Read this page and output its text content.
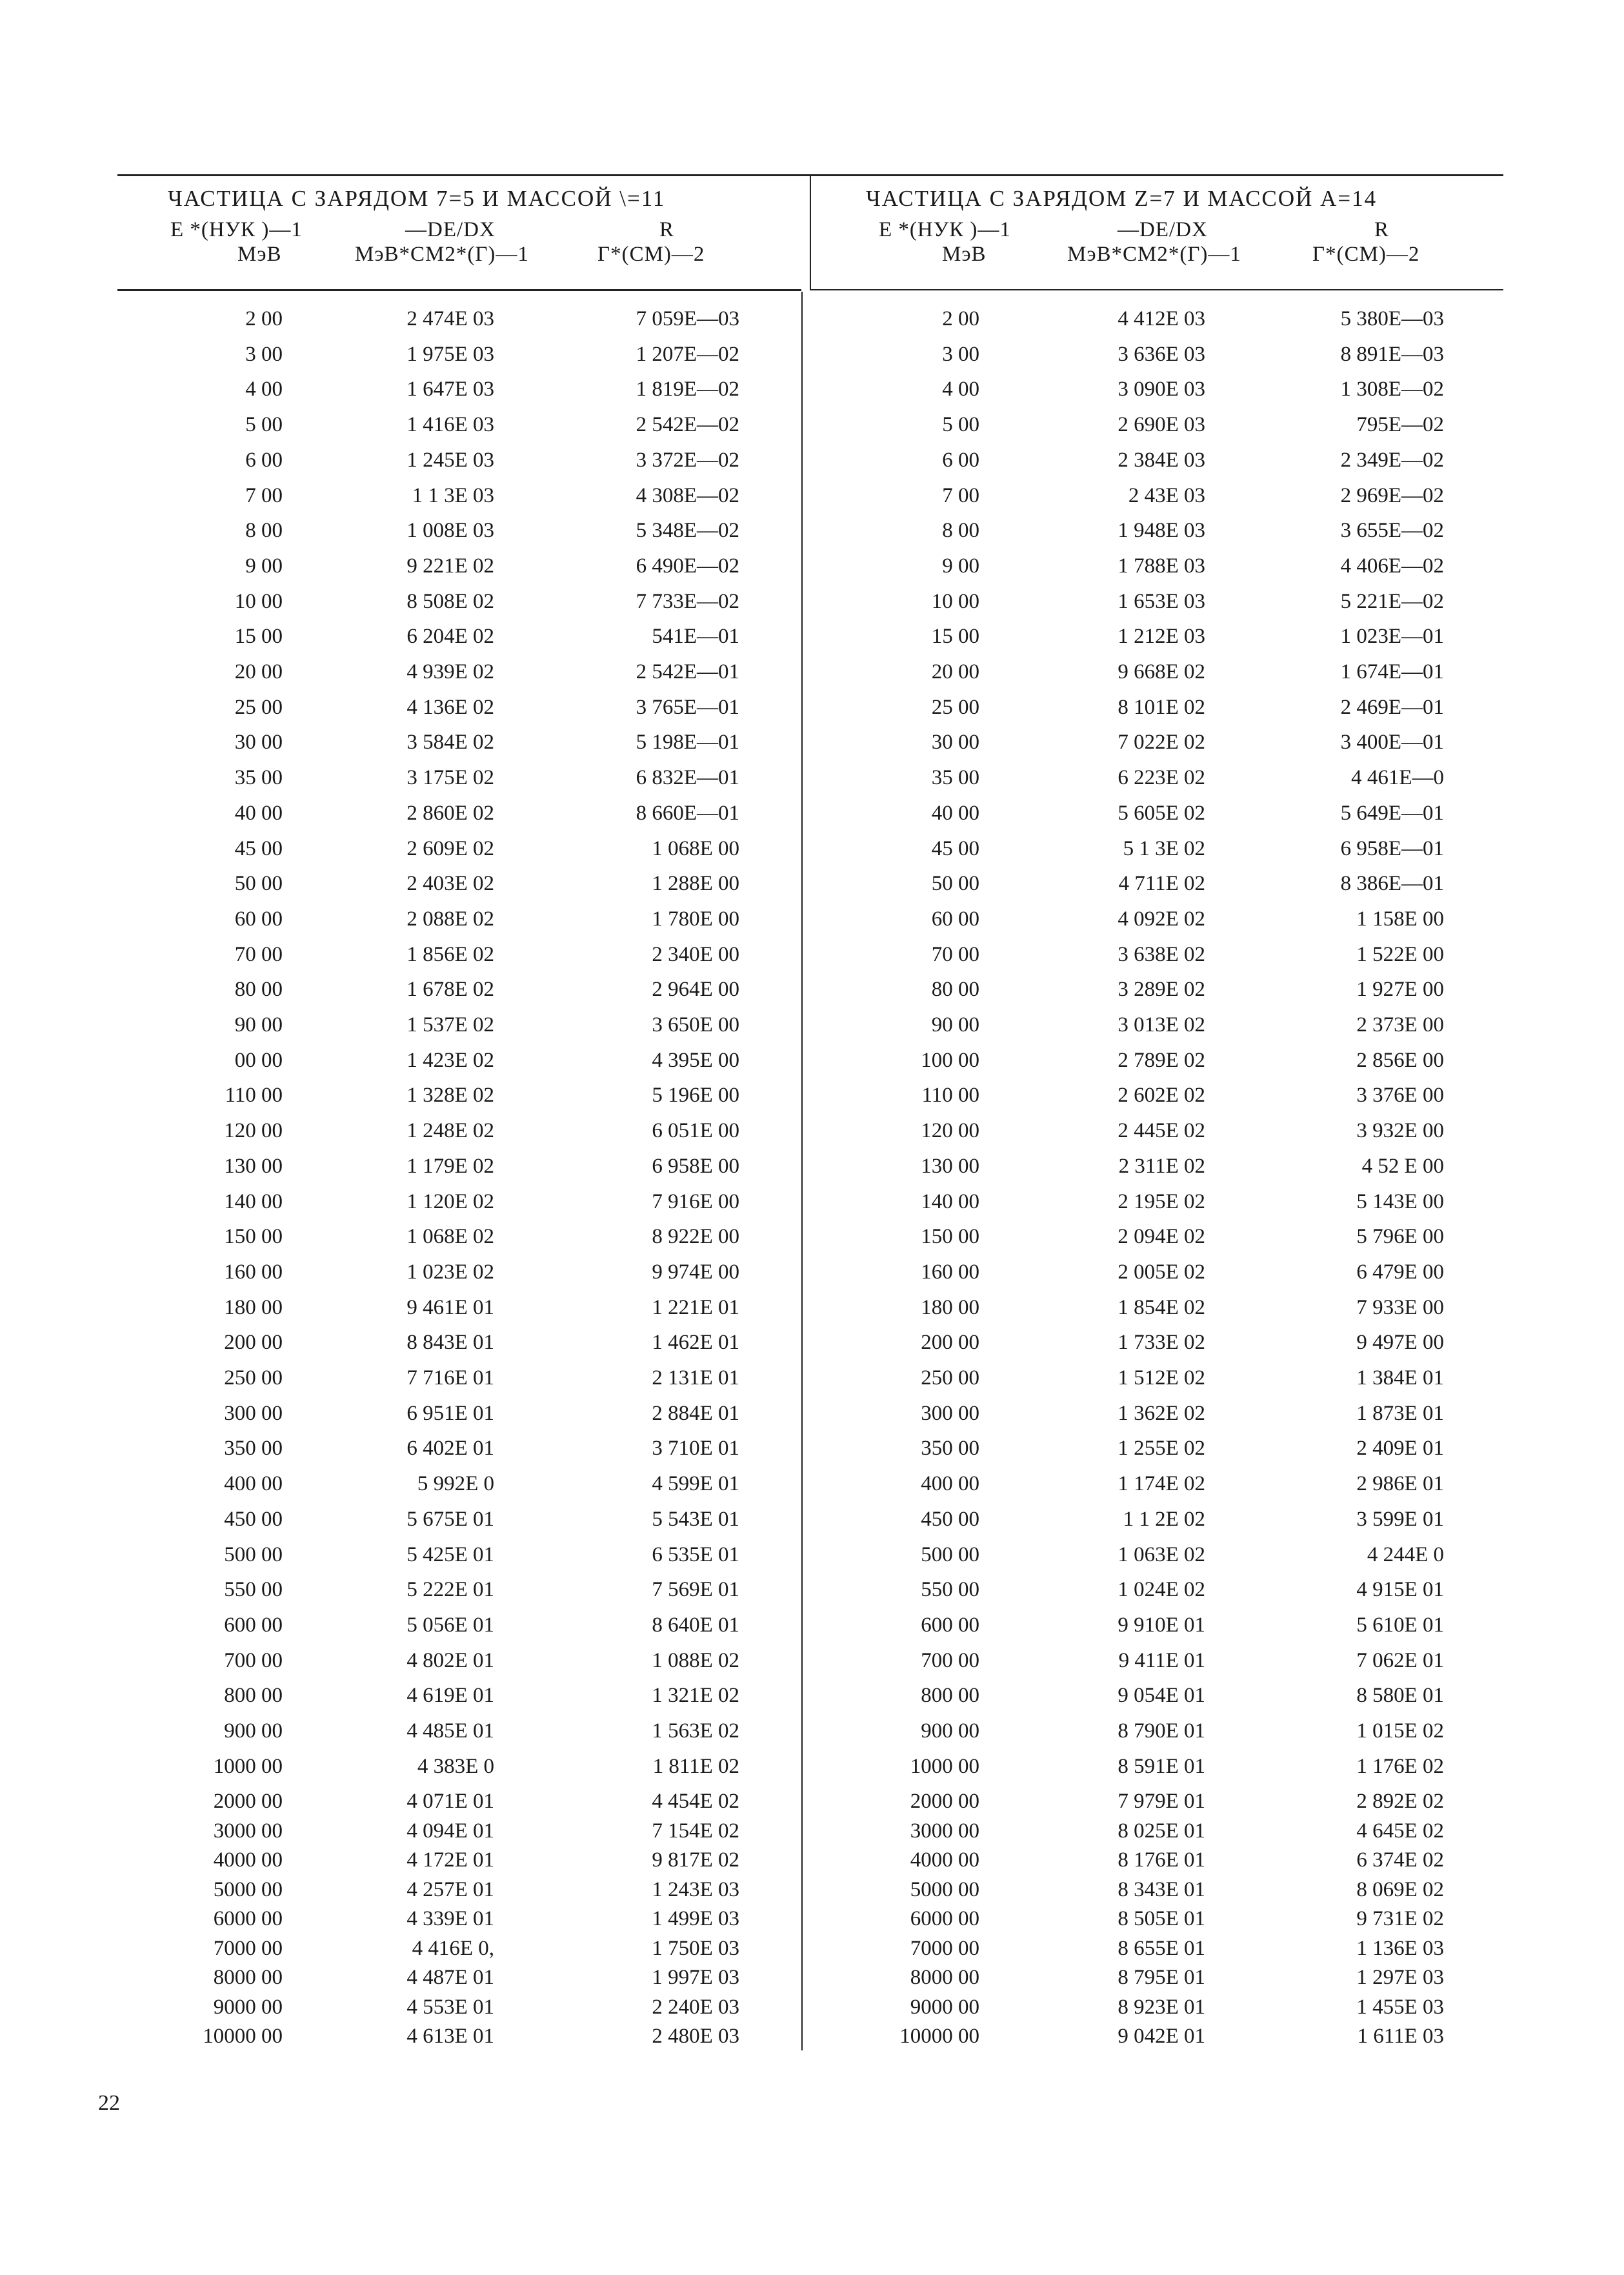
ЧАСТИЦА С ЗАРЯДОМ 7=5 И МАССОЙ \=11
Е *(НУК )—1	—DE/DX	R
МэВ	МэВ*СМ2*(Г)—1	Г*(СМ)—2
2 00	2 474E 03	7 059E—03
3 00	1 975E 03	1 207E—02
4 00	1 647E 03	1 819E—02
5 00	1 416E 03	2 542E—02
6 00	1 245E 03	3 372E—02
7 00	1 1 3E 03	4 308E—02
8 00	1 008E 03	5 348E—02
9 00	9 221E 02	6 490E—02
10 00	8 508E 02	7 733E—02
15 00	6 204E 02	541E—01
20 00	4 939E 02	2 542E—01
25 00	4 136E 02	3 765E—01
30 00	3 584E 02	5 198E—01
35 00	3 175E 02	6 832E—01
40 00	2 860E 02	8 660E—01
45 00	2 609E 02	1 068E 00
50 00	2 403E 02	1 288E 00
60 00	2 088E 02	1 780E 00
70 00	1 856E 02	2 340E 00
80 00	1 678E 02	2 964E 00
90 00	1 537E 02	3 650E 00
00 00	1 423E 02	4 395E 00
110 00	1 328E 02	5 196E 00
120 00	1 248E 02	6 051E 00
130 00	1 179E 02	6 958E 00
140 00	1 120E 02	7 916E 00
150 00	1 068E 02	8 922E 00
160 00	1 023E 02	9 974E 00
180 00	9 461E 01	1 221E 01
200 00	8 843E 01	1 462E 01
250 00	7 716E 01	2 131E 01
300 00	6 951E 01	2 884E 01
350 00	6 402E 01	3 710E 01
400 00	5 992E 0	4 599E 01
450 00	5 675E 01	5 543E 01
500 00	5 425E 01	6 535E 01
550 00	5 222E 01	7 569E 01
600 00	5 056E 01	8 640E 01
700 00	4 802E 01	1 088E 02
800 00	4 619E 01	1 321E 02
900 00	4 485E 01	1 563E 02
1000 00	4 383E 0	1 811E 02
2000 00	4 071E 01	4 454E 02
3000 00	4 094E 01	7 154E 02
4000 00	4 172E 01	9 817E 02
5000 00	4 257E 01	1 243E 03
6000 00	4 339E 01	1 499E 03
7000 00	4 416E 0,	1 750E 03
8000 00	4 487E 01	1 997E 03
9000 00	4 553E 01	2 240E 03
10000 00	4 613E 01	2 480E 03
ЧАСТИЦА С ЗАРЯДОМ Z=7 И МАССОЙ А=14
Е *(НУК )—1	—DE/DX	R
МэВ	МэВ*СМ2*(Г)—1	Г*(СМ)—2
2 00	4 412E 03	5 380E—03
3 00	3 636E 03	8 891E—03
4 00	3 090E 03	1 308E—02
5 00	2 690E 03	795E—02
6 00	2 384E 03	2 349E—02
7 00	2 43E 03	2 969E—02
8 00	1 948E 03	3 655E—02
9 00	1 788E 03	4 406E—02
10 00	1 653E 03	5 221E—02
15 00	1 212E 03	1 023E—01
20 00	9 668E 02	1 674E—01
25 00	8 101E 02	2 469E—01
30 00	7 022E 02	3 400E—01
35 00	6 223E 02	4 461E—0
40 00	5 605E 02	5 649E—01
45 00	5 1 3E 02	6 958E—01
50 00	4 711E 02	8 386E—01
60 00	4 092E 02	1 158E 00
70 00	3 638E 02	1 522E 00
80 00	3 289E 02	1 927E 00
90 00	3 013E 02	2 373E 00
100 00	2 789E 02	2 856E 00
110 00	2 602E 02	3 376E 00
120 00	2 445E 02	3 932E 00
130 00	2 311E 02	4 52 E 00
140 00	2 195E 02	5 143E 00
150 00	2 094E 02	5 796E 00
160 00	2 005E 02	6 479E 00
180 00	1 854E 02	7 933E 00
200 00	1 733E 02	9 497E 00
250 00	1 512E 02	1 384E 01
300 00	1 362E 02	1 873E 01
350 00	1 255E 02	2 409E 01
400 00	1 174E 02	2 986E 01
450 00	1 1 2E 02	3 599E 01
500 00	1 063E 02	4 244E 0
550 00	1 024E 02	4 915E 01
600 00	9 910E 01	5 610E 01
700 00	9 411E 01	7 062E 01
800 00	9 054E 01	8 580E 01
900 00	8 790E 01	1 015E 02
1000 00	8 591E 01	1 176E 02
2000 00	7 979E 01	2 892E 02
3000 00	8 025E 01	4 645E 02
4000 00	8 176E 01	6 374E 02
5000 00	8 343E 01	8 069E 02
6000 00	8 505E 01	9 731E 02
7000 00	8 655E 01	1 136E 03
8000 00	8 795E 01	1 297E 03
9000 00	8 923E 01	1 455E 03
10000 00	9 042E 01	1 611E 03
22
